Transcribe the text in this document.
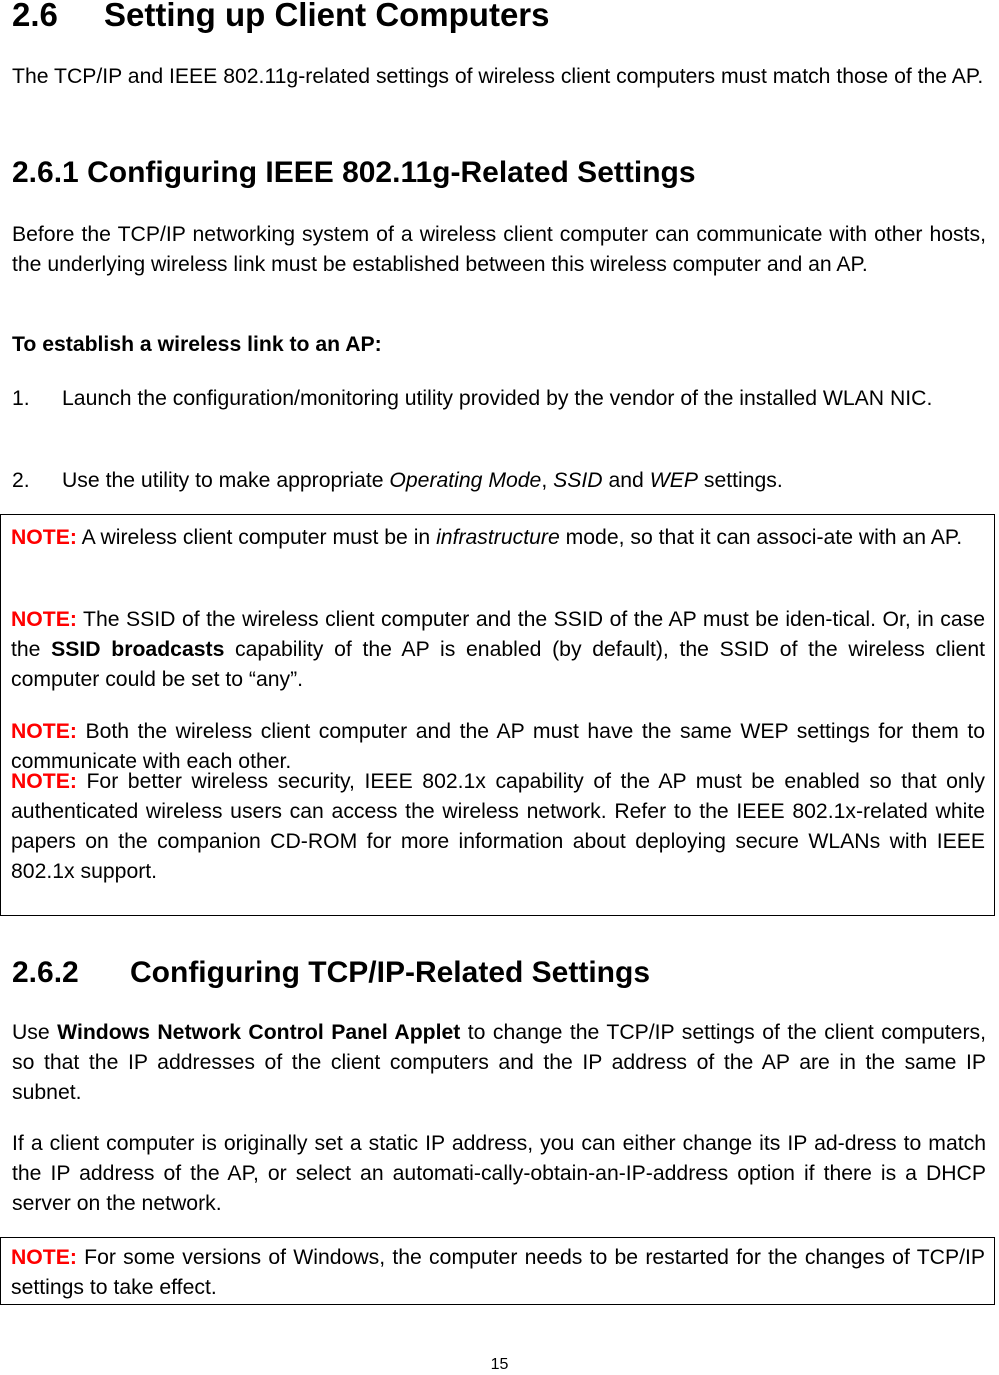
2.6 Setting up Client Computers

The TCP/IP and IEEE 802.11g-related settings of wireless client computers must match those of the AP.

2.6.1 Configuring IEEE 802.11g-Related Settings

Before the TCP/IP networking system of a wireless client computer can communicate with other hosts, the underlying wireless link must be established between this wireless computer and an AP.

To establish a wireless link to an AP:

1. Launch the configuration/monitoring utility provided by the vendor of the installed WLAN NIC.

2. Use the utility to make appropriate Operating Mode, SSID and WEP settings.

NOTE: A wireless client computer must be in infrastructure mode, so that it can associ-ate with an AP.

NOTE: The SSID of the wireless client computer and the SSID of the AP must be iden-tical. Or, in case the SSID broadcasts capability of the AP is enabled (by default), the SSID of the wireless client computer could be set to “any”.

NOTE: Both the wireless client computer and the AP must have the same WEP settings for them to communicate with each other.

NOTE: For better wireless security, IEEE 802.1x capability of the AP must be enabled so that only authenticated wireless users can access the wireless network. Refer to the IEEE 802.1x-related white papers on the companion CD-ROM for more information about deploying secure WLANs with IEEE 802.1x support.

2.6.2 Configuring TCP/IP-Related Settings

Use Windows Network Control Panel Applet to change the TCP/IP settings of the client computers, so that the IP addresses of the client computers and the IP address of the AP are in the same IP subnet.

If a client computer is originally set a static IP address, you can either change its IP ad-dress to match the IP address of the AP, or select an automati-cally-obtain-an-IP-address option if there is a DHCP server on the network.

NOTE: For some versions of Windows, the computer needs to be restarted for the changes of TCP/IP settings to take effect.

15
